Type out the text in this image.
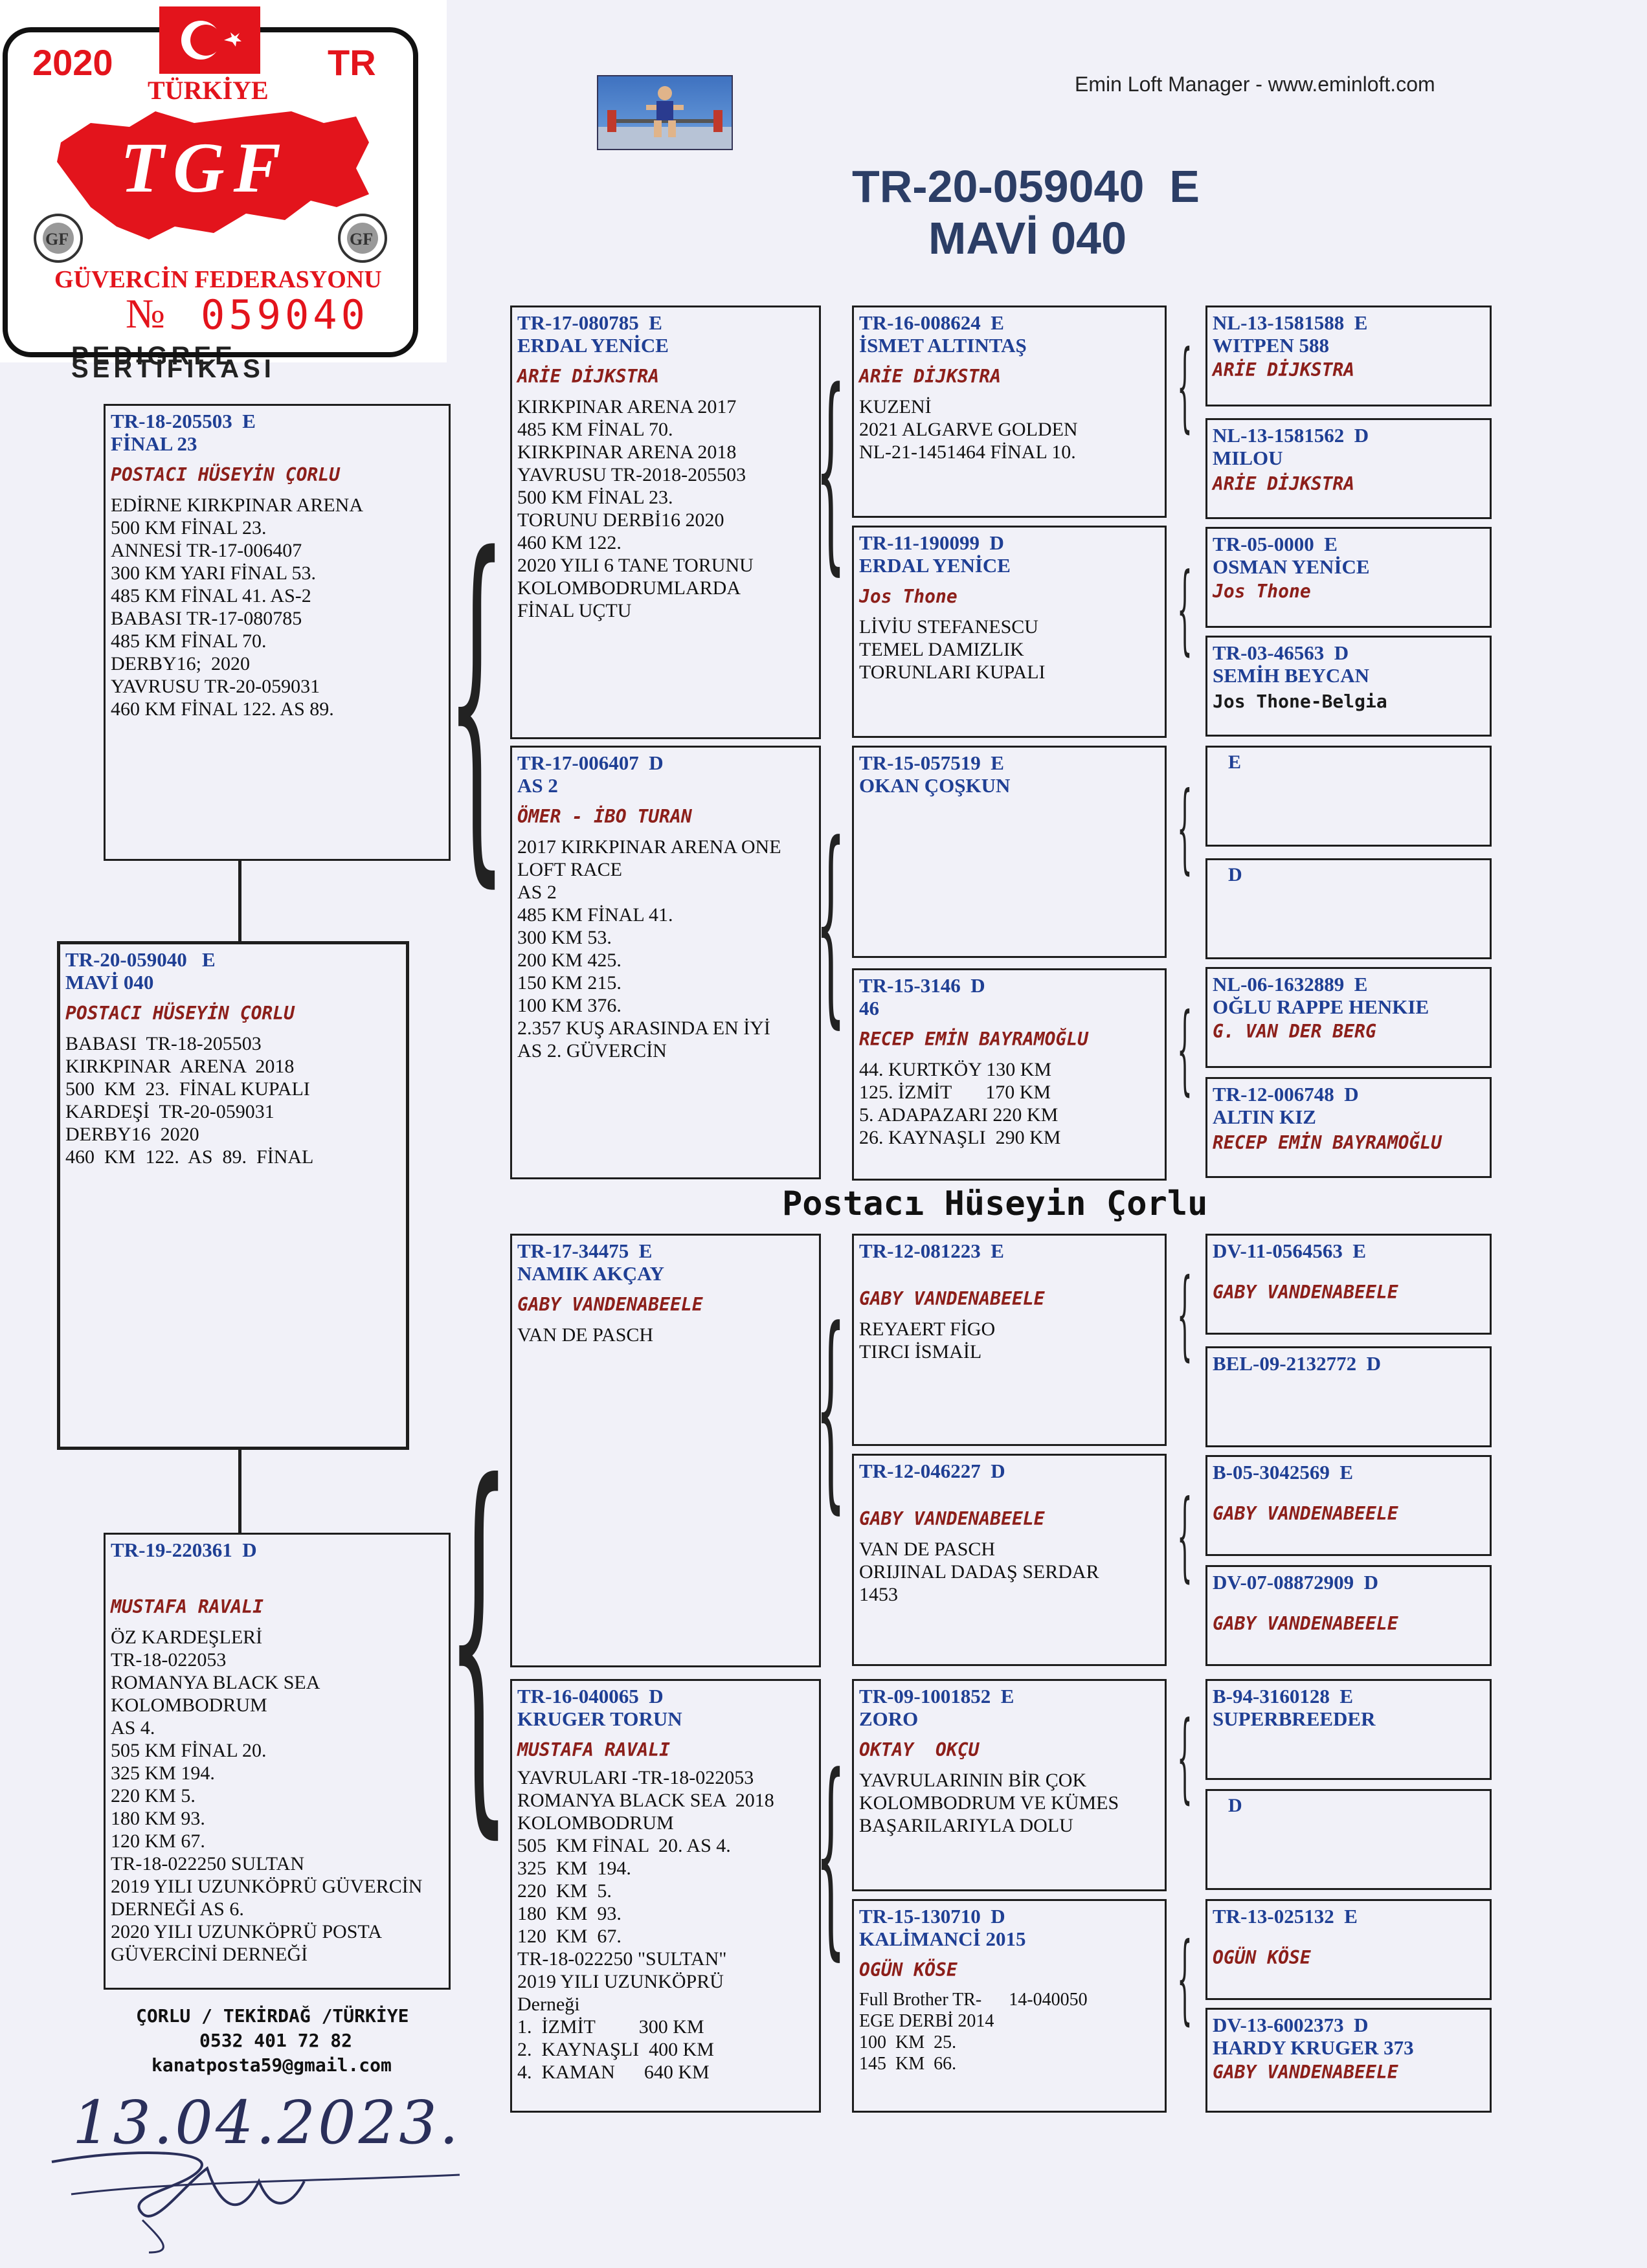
Emin Loft Manager - www.eminloft.com
TR-20-059040  E
MAVİ 040
PEDIGREE SERTIFIKASI
2020	TR
TÜRKİYE
TGF
GF	GF
GÜVERCİN FEDERASYONU
№ 059040
TR-18-205503  E
FİNAL 23
POSTACI HÜSEYİN ÇORLU
EDİRNE KIRKPINAR ARENA
500 KM FİNAL 23.
ANNESİ TR-17-006407
300 KM YARI FİNAL 53.
485 KM FİNAL 41. AS-2
BABASI TR-17-080785
485 KM FİNAL 70.
DERBY16;  2020
YAVRUSU TR-20-059031
460 KM FİNAL 122. AS 89.
TR-20-059040   E
MAVİ 040
POSTACI HÜSEYİN ÇORLU
BABASI  TR-18-205503
KIRKPINAR  ARENA  2018
500  KM  23.  FİNAL KUPALI
KARDEŞİ  TR-20-059031
DERBY16  2020
460  KM  122.  AS  89.  FİNAL
TR-19-220361  D
MUSTAFA RAVALI
ÖZ KARDEŞLERİ
TR-18-022053
ROMANYA BLACK SEA
KOLOMBODRUM
AS 4.
505 KM FİNAL 20.
325 KM 194.
220 KM 5.
180 KM 93.
120 KM 67.
TR-18-022250 SULTAN
2019 YILI UZUNKÖPRÜ GÜVERCİN
DERNEĞİ AS 6.
2020 YILI UZUNKÖPRÜ POSTA
GÜVERCİNİ DERNEĞİ
ÇORLU / TEKİRDAĞ /TÜRKİYE
0532 401 72 82
kanatposta59@gmail.com
13.04.2023.
Postacı Hüseyin Çorlu
{
{
{
{
{
{
{
{
{
{
{
{
{
{
TR-17-080785  E
ERDAL YENİCE
ARİE DİJKSTRA
KIRKPINAR ARENA 2017
485 KM FİNAL 70.
KIRKPINAR ARENA 2018
YAVRUSU TR-2018-205503
500 KM FİNAL 23.
TORUNU DERBİ16 2020
460 KM 122.
2020 YILI 6 TANE TORUNU
KOLOMBODRUMLARDA
FİNAL UÇTU
TR-17-006407  D
AS 2
ÖMER - İBO TURAN
2017 KIRKPINAR ARENA ONE
LOFT RACE
AS 2
485 KM FİNAL 41.
300 KM 53.
200 KM 425.
150 KM 215.
100 KM 376.
2.357 KUŞ ARASINDA EN İYİ
AS 2. GÜVERCİN
TR-17-34475  E
NAMIK AKÇAY
GABY VANDENABEELE
VAN DE PASCH
TR-16-040065  D
KRUGER TORUN
MUSTAFA RAVALI
YAVRULARI -TR-18-022053
ROMANYA BLACK SEA  2018
KOLOMBODRUM
505  KM FİNAL  20. AS 4.
325  KM  194.
220  KM  5.
180  KM  93.
120  KM  67.
TR-18-022250 "SULTAN"
2019 YILI UZUNKÖPRÜ
Derneği
1.  İZMİT         300 KM
2.  KAYNAŞLI  400 KM
4.  KAMAN      640 KM
TR-16-008624  E
İSMET ALTINTAŞ
ARİE DİJKSTRA
KUZENİ
2021 ALGARVE GOLDEN
NL-21-1451464 FİNAL 10.
TR-11-190099  D
ERDAL YENİCE
Jos Thone
LİVİU STEFANESCU
TEMEL DAMIZLIK
TORUNLARI KUPALI
TR-15-057519  E
OKAN ÇOŞKUN
TR-15-3146  D
46
RECEP EMİN BAYRAMOĞLU
44. KURTKÖY 130 KM
125. İZMİT       170 KM
5. ADAPAZARI 220 KM
26. KAYNAŞLI  290 KM
TR-12-081223  E
GABY VANDENABEELE
REYAERT FİGO
TIRCI İSMAİL
TR-12-046227  D
GABY VANDENABEELE
VAN DE PASCH
ORIJINAL DADAŞ SERDAR
1453
TR-09-1001852  E
ZORO
OKTAY  OKÇU
YAVRULARININ BİR ÇOK
KOLOMBODRUM VE KÜMES
BAŞARILARIYLA DOLU
TR-15-130710  D
KALİMANCİ 2015
OGÜN KÖSE
Full Brother TR-      14-040050
EGE DERBİ 2014
100  KM  25.
145  KM  66.
NL-13-1581588  E
WITPEN 588
ARİE DİJKSTRA
NL-13-1581562  D
MILOU
ARİE DİJKSTRA
TR-05-0000  E
OSMAN YENİCE
Jos Thone
TR-03-46563  D
SEMİH BEYCAN
Jos Thone-Belgia
E
D
NL-06-1632889  E
OĞLU RAPPE HENKIE
G. VAN DER BERG
TR-12-006748  D
ALTIN KIZ
RECEP EMİN BAYRAMOĞLU
DV-11-0564563  E
GABY VANDENABEELE
BEL-09-2132772  D
B-05-3042569  E
GABY VANDENABEELE
DV-07-08872909  D
GABY VANDENABEELE
B-94-3160128  E
SUPERBREEDER
D
TR-13-025132  E
OGÜN KÖSE
DV-13-6002373  D
HARDY KRUGER 373
GABY VANDENABEELE
